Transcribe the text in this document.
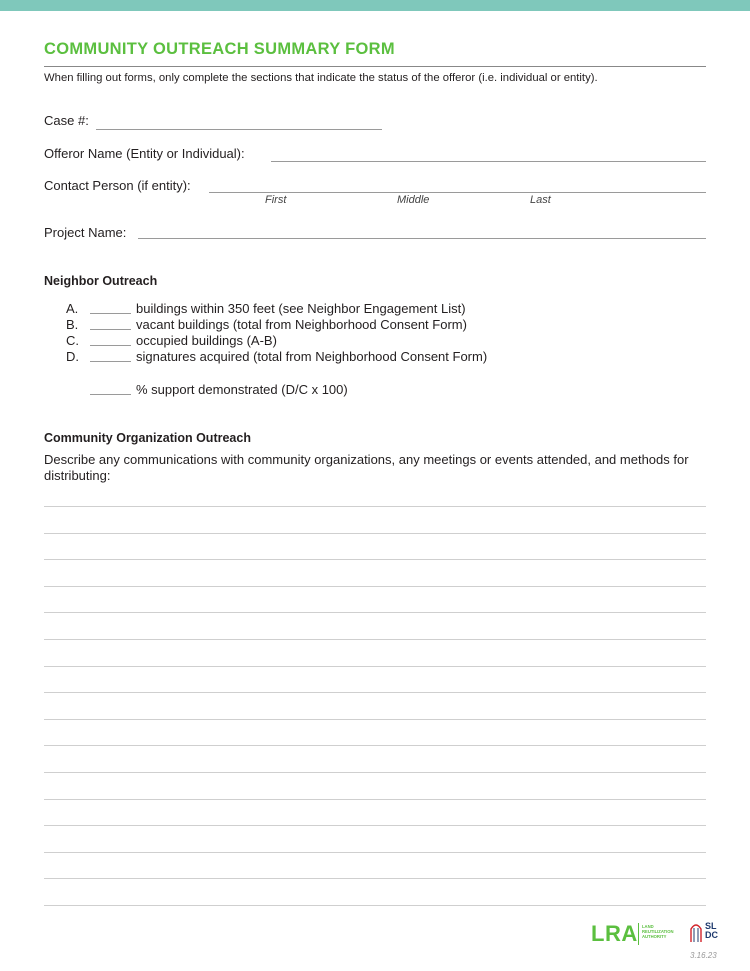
COMMUNITY OUTREACH SUMMARY FORM
When filling out forms, only complete the sections that indicate the status of the offeror (i.e. individual or entity).
Case #:
Offeror Name (Entity or Individual):
Contact Person (if entity):
First	Middle	Last
Project Name:
Neighbor Outreach
A.	buildings within 350 feet (see Neighbor Engagement List)
B.	vacant buildings (total from Neighborhood Consent Form)
C.	occupied buildings (A-B)
D.	signatures acquired (total from Neighborhood Consent Form)
% support demonstrated (D/C x 100)
Community Organization Outreach

Describe any communications with community organizations, any meetings or events attended, and methods for distributing:

LRA LAND
REUTILIZATION
AUTHORITY
SL
DC
3.16.23
